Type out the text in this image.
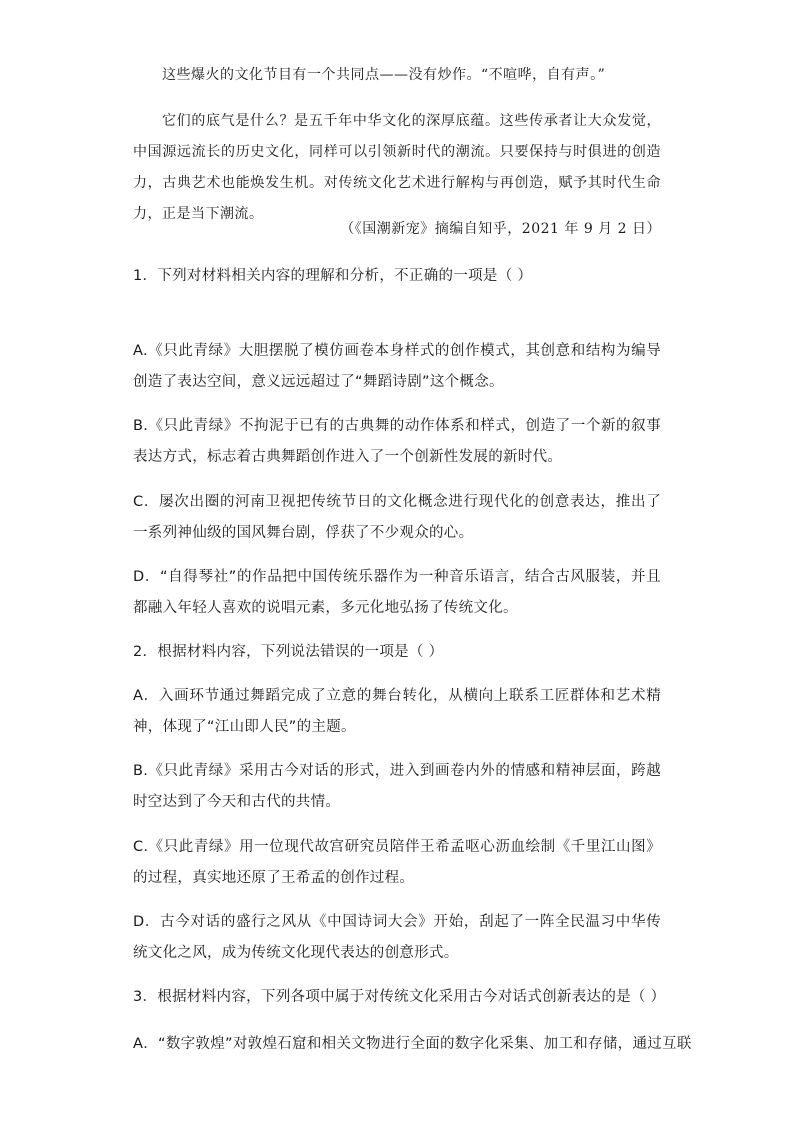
这些爆火的文化节目有一个共同点——没有炒作。“不喧哗，自有声。”
它们的底气是什么？是五千年中华文化的深厚底蕴。这些传承者让大众发觉，中国源远流长的历史文化，同样可以引领新时代的潮流。只要保持与时俱进的创造力，古典艺术也能焕发生机。对传统文化艺术进行解构与再创造，赋予其时代生命力，正是当下潮流。
（《国潮新宠》摘编自知乎，2021 年 9 月 2 日）
1．下列对材料相关内容的理解和分析，不正确的一项是（ ）
A.《只此青绿》大胆摆脱了模仿画卷本身样式的创作模式，其创意和结构为编导创造了表达空间，意义远远超过了“舞蹈诗剧”这个概念。
B.《只此青绿》不拘泥于已有的古典舞的动作体系和样式，创造了一个新的叙事表达方式，标志着古典舞蹈创作进入了一个创新性发展的新时代。
C．屡次出圈的河南卫视把传统节日的文化概念进行现代化的创意表达，推出了一系列神仙级的国风舞台剧，俘获了不少观众的心。
D．“自得琴社”的作品把中国传统乐器作为一种音乐语言，结合古风服装，并且都融入年轻人喜欢的说唱元素，多元化地弘扬了传统文化。
2．根据材料内容，下列说法错误的一项是（ ）
A．入画环节通过舞蹈完成了立意的舞台转化，从横向上联系工匠群体和艺术精神，体现了“江山即人民”的主题。
B.《只此青绿》采用古今对话的形式，进入到画卷内外的情感和精神层面，跨越时空达到了今天和古代的共情。
C.《只此青绿》用一位现代故宫研究员陪伴王希孟呕心沥血绘制《千里江山图》的过程，真实地还原了王希孟的创作过程。
D．古今对话的盛行之风从《中国诗词大会》开始，刮起了一阵全民温习中华传统文化之风，成为传统文化现代表达的创意形式。
3．根据材料内容，下列各项中属于对传统文化采用古今对话式创新表达的是（ ）
A．“数字敦煌”对敦煌石窟和相关文物进行全面的数字化采集、加工和存储，通过互联
